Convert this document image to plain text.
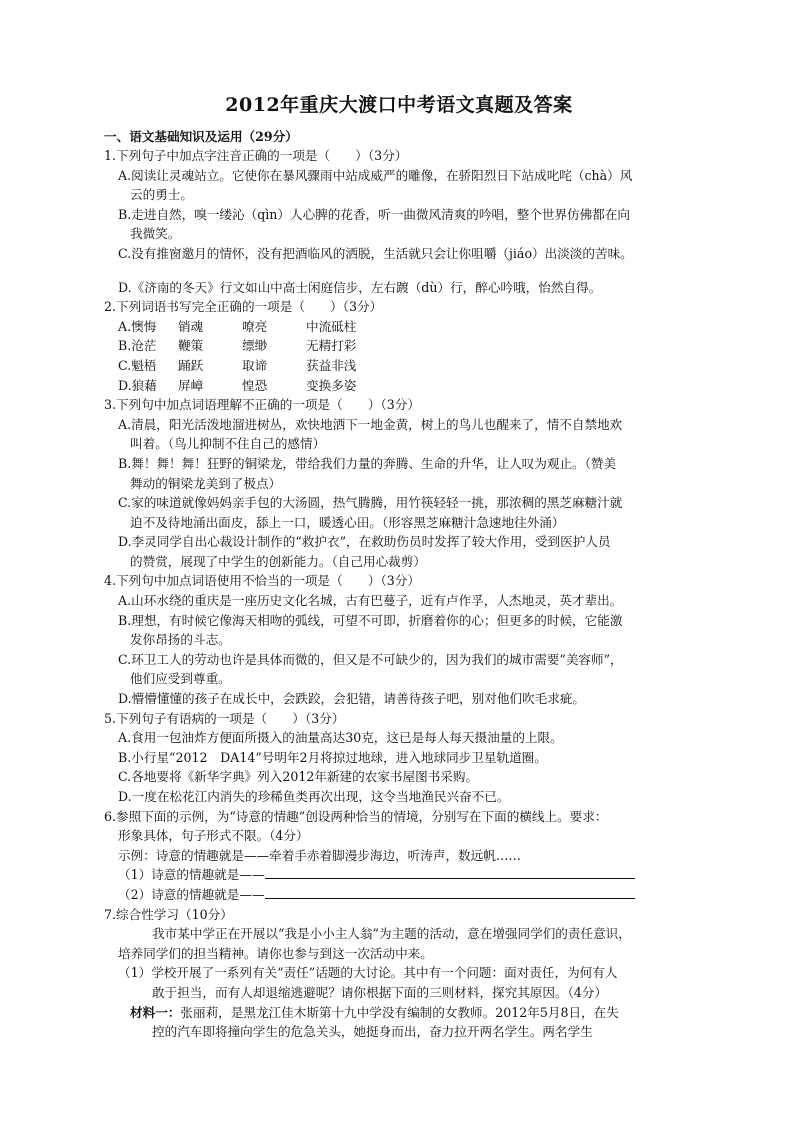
2012年重庆大渡口中考语文真题及答案
一、语文基础知识及运用（29分）
1.下列句子中加点字注音正确的一项是（　　）（3分）
A.阅读让灵魂站立。它使你在暴风骤雨中站成威严的雕像，在骄阳烈日下站成叱咤（chà）风
云的勇士。
B.走进自然，嗅一缕沁（qìn）人心脾的花香，听一曲微风清爽的吟唱，整个世界仿佛都在向
我微笑。
C.没有推窗邀月的情怀，没有把酒临风的洒脱，生活就只会让你咀嚼（jiáo）出淡淡的苦味。
D.《济南的冬天》行文如山中高士闲庭信步，左右踱（dù）行，醉心吟哦，怡然自得。
2.下列词语书写完全正确的一项是（　　）（3分）
A.懊悔	销魂	嘹亮	中流砥柱
B.沧茫	鞭策	缥缈	无精打彩
C.魁梧	踊跃	取谛	获益非浅
D.狼藉	屏嶂	惶恐	变换多姿
3.下列句中加点词语理解不正确的一项是（　　）（3分）
A.清晨，阳光活泼地溜进树丛，欢快地洒下一地金黄，树上的鸟儿也醒来了，情不自禁地欢
叫着。（鸟儿抑制不住自己的感情）
B.舞！舞！舞！狂野的铜梁龙，带给我们力量的奔腾、生命的升华，让人叹为观止。（赞美
舞动的铜梁龙美到了极点）
C.家的味道就像妈妈亲手包的大汤圆，热气腾腾，用竹筷轻轻一挑，那浓稠的黑芝麻糖汁就
迫不及待地涌出面皮，舔上一口，暖透心田。（形容黑芝麻糖汁急速地往外涌）
D.李灵同学自出心裁设计制作的“救护衣”，在救助伤员时发挥了较大作用，受到医护人员
的赞赏，展现了中学生的创新能力。（自己用心裁剪）
4.下列句中加点词语使用不恰当的一项是（　　）（3分）
A.山环水绕的重庆是一座历史文化名城，古有巴蔓子，近有卢作孚，人杰地灵，英才辈出。
B.理想，有时候它像海天相吻的弧线，可望不可即，折磨着你的心；但更多的时候，它能激
发你昂扬的斗志。
C.环卫工人的劳动也许是具体而微的，但又是不可缺少的，因为我们的城市需要“美容师”，
他们应受到尊重。
D.懵懵懂懂的孩子在成长中，会跌跤，会犯错，请善待孩子吧，别对他们吹毛求疵。
5.下列句子有语病的一项是（　　）（3分）
A.食用一包油炸方便面所摄入的油量高达30克，这已是每人每天摄油量的上限。
B.小行星“2012　DA14”号明年2月将掠过地球，进入地球同步卫星轨道圈。
C.各地要将《新华字典》列入2012年新建的农家书屋图书采购。
D.一度在松花江内消失的珍稀鱼类再次出现，这令当地渔民兴奋不已。
6.参照下面的示例，为“诗意的情趣”创设两种恰当的情境，分别写在下面的横线上。要求：
形象具体，句子形式不限。（4分）
示例：诗意的情趣就是——牵着手赤着脚漫步海边，听涛声，数远帆……
（1）诗意的情趣就是——
（2）诗意的情趣就是——
7.综合性学习（10分）
我市某中学正在开展以“我是小小主人翁”为主题的活动，意在增强同学们的责任意识，
培养同学们的担当精神。请你也参与到这一次活动中来。
（1）学校开展了一系列有关“责任”话题的大讨论。其中有一个问题：面对责任，为何有人
敢于担当，而有人却退缩逃避呢？请你根据下面的三则材料，探究其原因。（4分）
材料一：张丽莉，是黑龙江佳木斯第十九中学没有编制的女教师。2012年5月8日，在失
控的汽车即将撞向学生的危急关头，她挺身而出，奋力拉开两名学生。两名学生
